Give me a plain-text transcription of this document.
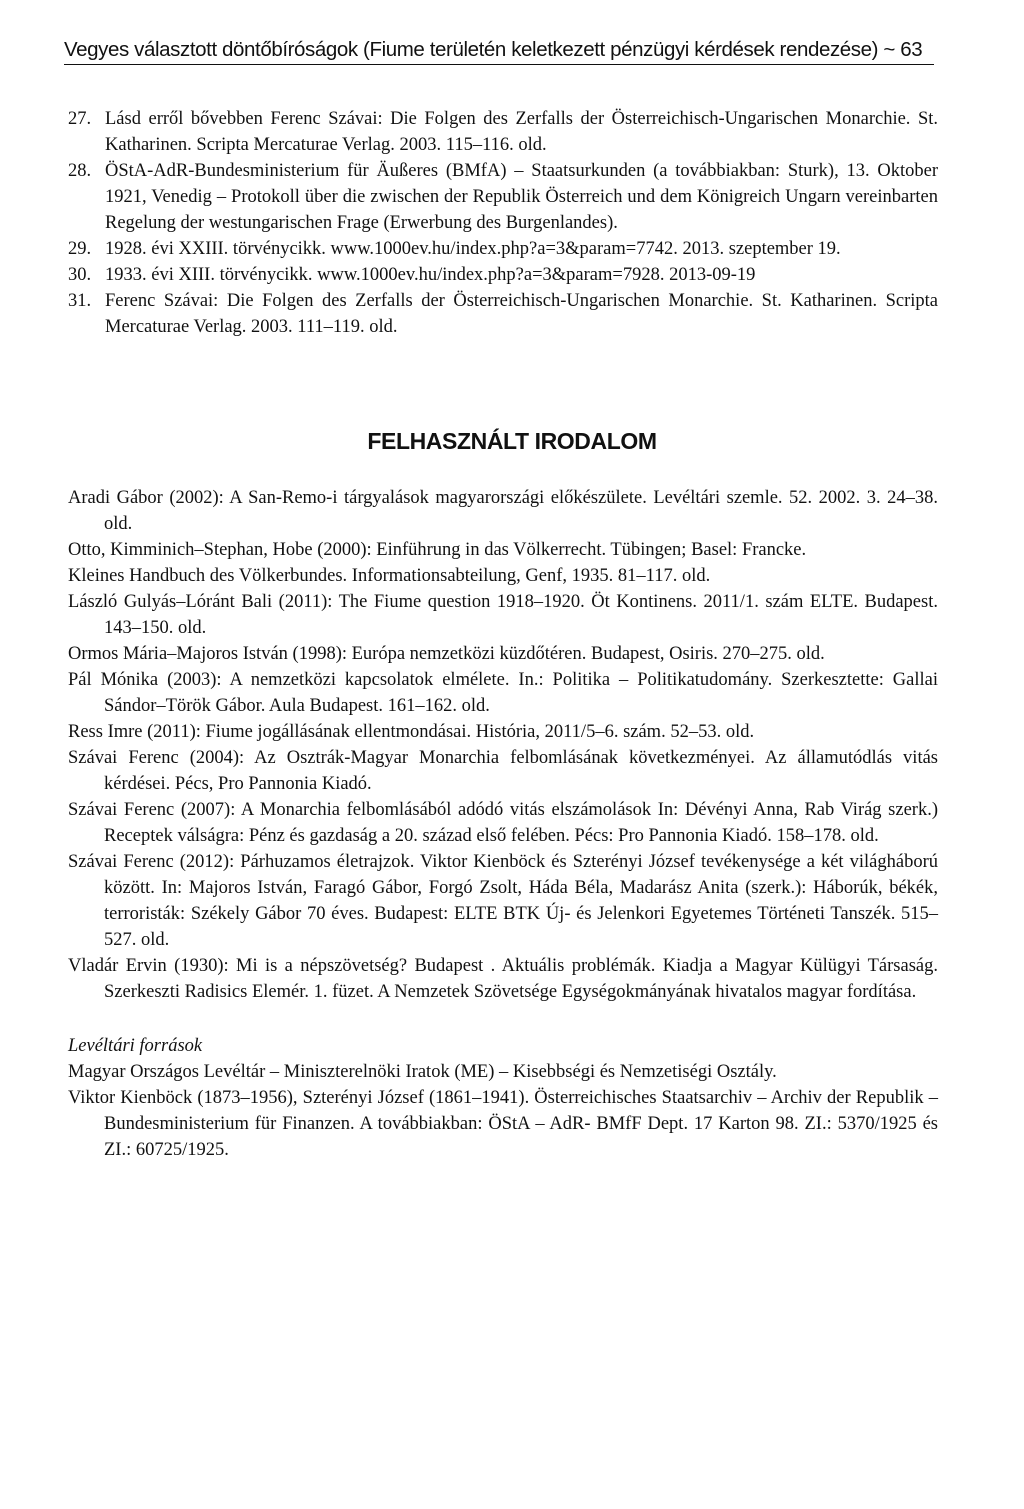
Vegyes választott döntőbíróságok (Fiume területén keletkezett pénzügyi kérdések rendezése) ~ 63
27. Lásd erről bővebben Ferenc Szávai: Die Folgen des Zerfalls der Österreichisch-Ungarischen Monarchie. St. Katharinen. Scripta Mercaturae Verlag. 2003. 115–116. old.
28. ÖStA-AdR-Bundesministerium für Äußeres (BMfA) – Staatsurkunden (a továbbiakban: Sturk), 13. Oktober 1921, Venedig – Protokoll über die zwischen der Republik Österreich und dem Königreich Ungarn vereinbarten Regelung der westungarischen Frage (Erwerbung des Burgenlandes).
29. 1928. évi XXIII. törvénycikk. www.1000ev.hu/index.php?a=3&param=7742. 2013. szeptember 19.
30. 1933. évi XIII. törvénycikk. www.1000ev.hu/index.php?a=3&param=7928. 2013-09-19
31. Ferenc Szávai: Die Folgen des Zerfalls der Österreichisch-Ungarischen Monarchie. St. Katharinen. Scripta Mercaturae Verlag. 2003. 111–119. old.
FELHASZNÁLT IRODALOM
Aradi Gábor (2002): A San-Remo-i tárgyalások magyarországi előkészülete. Levéltári szemle. 52. 2002. 3. 24–38. old.
Otto, Kimminich–Stephan, Hobe (2000): Einführung in das Völkerrecht. Tübingen; Basel: Francke.
Kleines Handbuch des Völkerbundes. Informationsabteilung, Genf, 1935. 81–117. old.
László Gulyás–Lóránt Bali (2011): The Fiume question 1918–1920. Öt Kontinens. 2011/1. szám ELTE. Budapest. 143–150. old.
Ormos Mária–Majoros István (1998): Európa nemzetközi küzdőtéren. Budapest, Osiris. 270–275. old.
Pál Mónika (2003): A nemzetközi kapcsolatok elmélete. In.: Politika – Politikatudomány. Szerkesztette: Gallai Sándor–Török Gábor. Aula Budapest. 161–162. old.
Ress Imre (2011): Fiume jogállásának ellentmondásai. História, 2011/5–6. szám. 52–53. old.
Szávai Ferenc (2004): Az Osztrák-Magyar Monarchia felbomlásának következményei. Az államutódlás vitás kérdései. Pécs, Pro Pannonia Kiadó.
Szávai Ferenc (2007): A Monarchia felbomlásából adódó vitás elszámolások In: Dévényi Anna, Rab Virág szerk.) Receptek válságra: Pénz és gazdaság a 20. század első felében. Pécs: Pro Pannonia Kiadó. 158–178. old.
Szávai Ferenc (2012): Párhuzamos életrajzok. Viktor Kienböck és Szterényi József tevékenysége a két világháború között. In: Majoros István, Faragó Gábor, Forgó Zsolt, Háda Béla, Madarász Anita (szerk.): Háborúk, békék, terroristák: Székely Gábor 70 éves. Budapest: ELTE BTK Új- és Jelenkori Egyetemes Történeti Tanszék. 515–527. old.
Vladár Ervin (1930): Mi is a népszövetség? Budapest . Aktuális problémák. Kiadja a Magyar Külügyi Társaság. Szerkeszti Radisics Elemér. 1. füzet. A Nemzetek Szövetsége Egységokmányának hivatalos magyar fordítása.
Levéltári források
Magyar Országos Levéltár – Miniszterelnöki Iratok (ME) – Kisebbségi és Nemzetiségi Osztály.
Viktor Kienböck (1873–1956), Szterényi József (1861–1941). Österreichisches Staatsarchiv – Archiv der Republik – Bundesministerium für Finanzen. A továbbiakban: ÖStA – AdR- BMfF Dept. 17 Karton 98. ZI.: 5370/1925 és ZI.: 60725/1925.
